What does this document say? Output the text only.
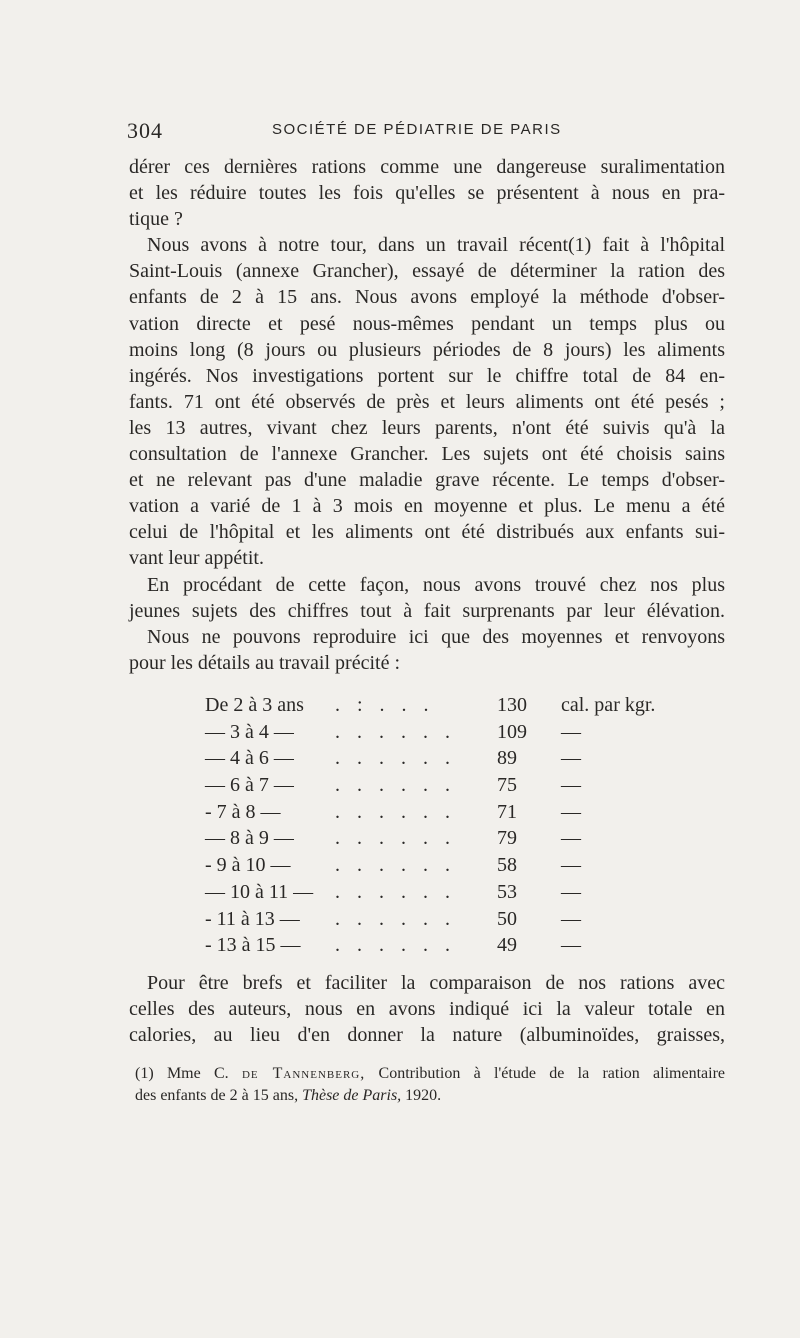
304	SOCIÉTÉ DE PÉDIATRIE DE PARIS
dérer ces dernières rations comme une dangereuse suralimentation
et les réduire toutes les fois qu'elles se présentent à nous en pra-
tique ?
Nous avons à notre tour, dans un travail récent(1) fait à l'hôpital
Saint-Louis (annexe Grancher), essayé de déterminer la ration des
enfants de 2 à 15 ans. Nous avons employé la méthode d'obser-
vation directe et pesé nous-mêmes pendant un temps plus ou
moins long (8 jours ou plusieurs périodes de 8 jours) les aliments
ingérés. Nos investigations portent sur le chiffre total de 84 en-
fants. 71 ont été observés de près et leurs aliments ont été pesés ;
les 13 autres, vivant chez leurs parents, n'ont été suivis qu'à la
consultation de l'annexe Grancher. Les sujets ont été choisis sains
et ne relevant pas d'une maladie grave récente. Le temps d'obser-
vation a varié de 1 à 3 mois en moyenne et plus. Le menu a été
celui de l'hôpital et les aliments ont été distribués aux enfants sui-
vant leur appétit.
En procédant de cette façon, nous avons trouvé chez nos plus
jeunes sujets des chiffres tout à fait surprenants par leur élévation.
Nous ne pouvons reproduire ici que des moyennes et renvoyons
pour les détails au travail précité :
De 2 à 3 ans	. : . . .	130 cal. par kgr.
— 3 à 4 —	. . . . . .	109 —
— 4 à 6 —	. . . . . .	89 —
— 6 à 7 —	. . . . . .	75 —
- 7 à 8 —	. . . . . .	71 —
— 8 à 9 —	. . . . . .	79 —
- 9 à 10 —	. . . . . .	58 —
— 10 à 11 —	. . . . . .	53 —
- 11 à 13 —	. . . . . .	50 —
- 13 à 15 —	. . . . . .	49 —
Pour être brefs et faciliter la comparaison de nos rations avec
celles des auteurs, nous en avons indiqué ici la valeur totale en
calories, au lieu d'en donner la nature (albuminoïdes, graisses,
(1) Mme C. de Tannenberg, Contribution à l'étude de la ration alimentaire
des enfants de 2 à 15 ans, Thèse de Paris, 1920.
